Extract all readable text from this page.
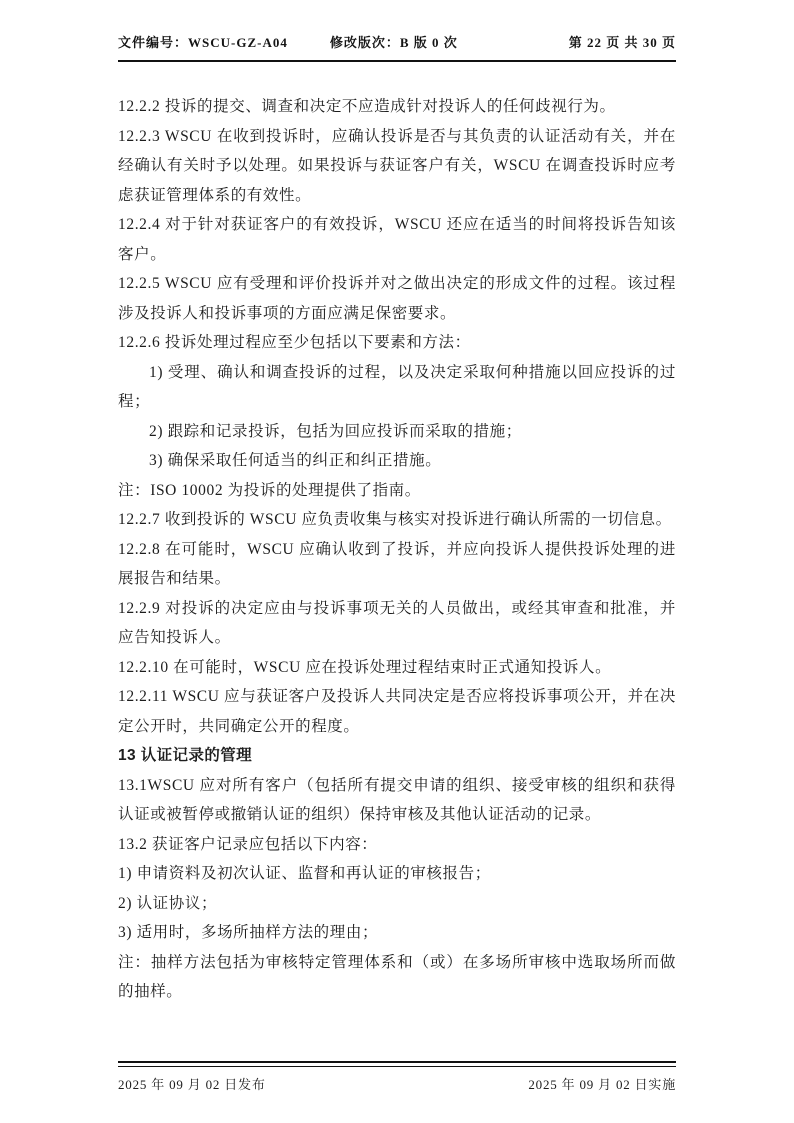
文件编号：WSCU-GZ-A04	修改版次：B 版 0 次	第 22 页 共 30 页

12.2.2 投诉的提交、调查和决定不应造成针对投诉人的任何歧视行为。

12.2.3 WSCU 在收到投诉时，应确认投诉是否与其负责的认证活动有关，并在经确认有关时予以处理。如果投诉与获证客户有关，WSCU 在调查投诉时应考虑获证管理体系的有效性。

12.2.4 对于针对获证客户的有效投诉，WSCU 还应在适当的时间将投诉告知该客户。

12.2.5 WSCU 应有受理和评价投诉并对之做出决定的形成文件的过程。该过程涉及投诉人和投诉事项的方面应满足保密要求。

12.2.6 投诉处理过程应至少包括以下要素和方法：

1) 受理、确认和调查投诉的过程，以及决定采取何种措施以回应投诉的过程；

2) 跟踪和记录投诉，包括为回应投诉而采取的措施；

3) 确保采取任何适当的纠正和纠正措施。

注：ISO 10002 为投诉的处理提供了指南。

12.2.7 收到投诉的 WSCU 应负责收集与核实对投诉进行确认所需的一切信息。

12.2.8 在可能时，WSCU 应确认收到了投诉，并应向投诉人提供投诉处理的进展报告和结果。

12.2.9 对投诉的决定应由与投诉事项无关的人员做出，或经其审查和批准，并应告知投诉人。

12.2.10 在可能时，WSCU 应在投诉处理过程结束时正式通知投诉人。

12.2.11 WSCU 应与获证客户及投诉人共同决定是否应将投诉事项公开，并在决定公开时，共同确定公开的程度。

13 认证记录的管理

13.1WSCU 应对所有客户（包括所有提交申请的组织、接受审核的组织和获得认证或被暂停或撤销认证的组织）保持审核及其他认证活动的记录。

13.2 获证客户记录应包括以下内容：

1) 申请资料及初次认证、监督和再认证的审核报告；

2) 认证协议；

3) 适用时，多场所抽样方法的理由；

注：抽样方法包括为审核特定管理体系和（或）在多场所审核中选取场所而做的抽样。

2025 年 09 月 02 日发布	2025 年 09 月 02 日实施
